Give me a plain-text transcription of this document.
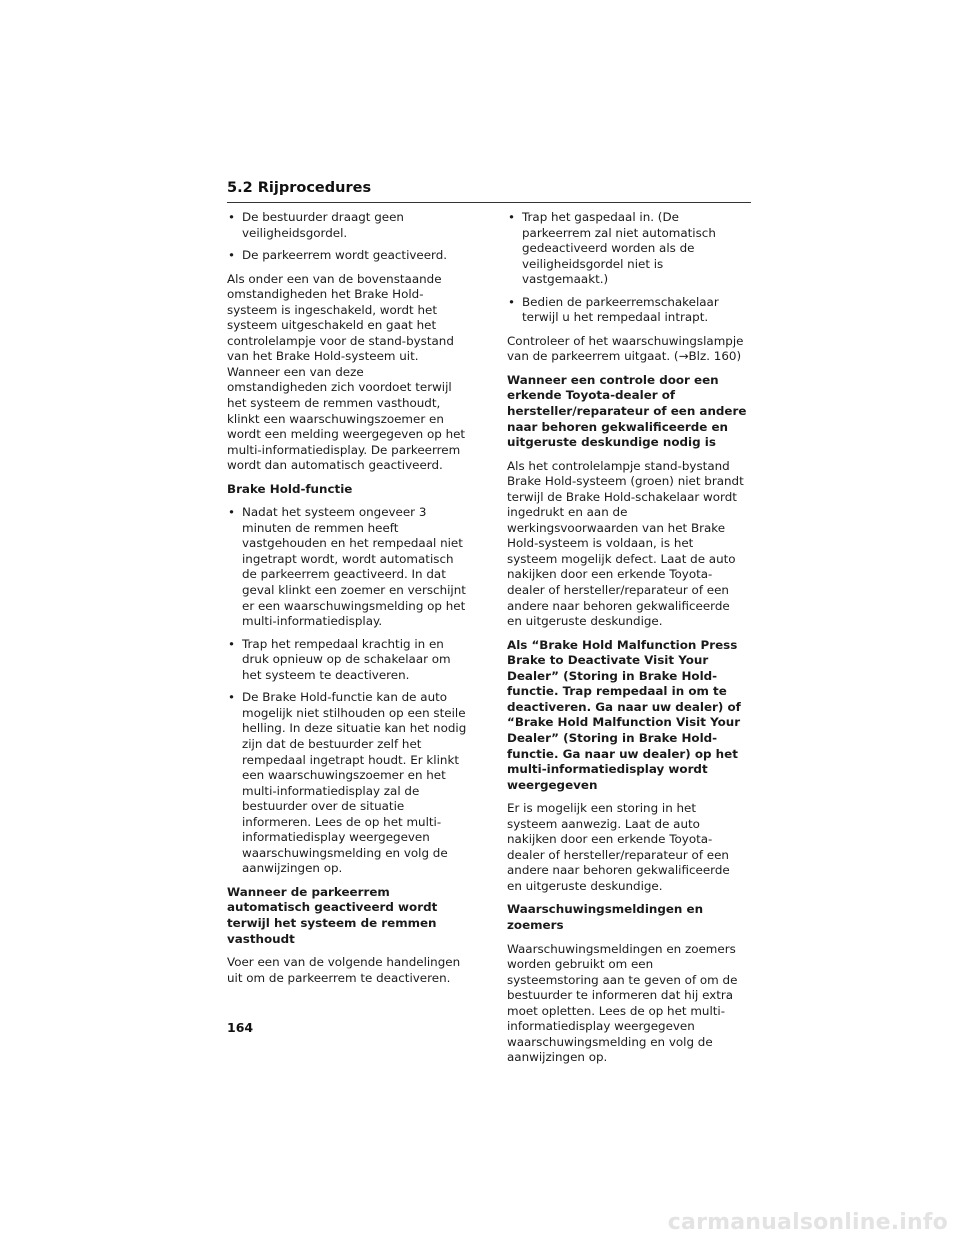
5.2 Rijprocedures
• De bestuurder draagt geen veiligheidsgordel.
• De parkeerrem wordt geactiveerd.

Als onder een van de bovenstaande omstandigheden het Brake Hold-systeem is ingeschakeld, wordt het systeem uitgeschakeld en gaat het controlelampje voor de stand-bystand van het Brake Hold-systeem uit. Wanneer een van deze omstandigheden zich voordoet terwijl het systeem de remmen vasthoudt, klinkt een waarschuwingszoemer en wordt een melding weergegeven op het multi-informatiedisplay. De parkeerrem wordt dan automatisch geactiveerd.

Brake Hold-functie

• Nadat het systeem ongeveer 3 minuten de remmen heeft vastgehouden en het rempedaal niet ingetrapt wordt, wordt automatisch de parkeerrem geactiveerd. In dat geval klinkt een zoemer en verschijnt er een waarschuwingsmelding op het multi-informatiedisplay.
• Trap het rempedaal krachtig in en druk opnieuw op de schakelaar om het systeem te deactiveren.
• De Brake Hold-functie kan de auto mogelijk niet stilhouden op een steile helling. In deze situatie kan het nodig zijn dat de bestuurder zelf het rempedaal ingetrapt houdt. Er klinkt een waarschuwingszoemer en het multi-informatiedisplay zal de bestuurder over de situatie informeren. Lees de op het multi-informatiedisplay weergegeven waarschuwingsmelding en volg de aanwijzingen op.

Wanneer de parkeerrem automatisch geactiveerd wordt terwijl het systeem de remmen vasthoudt

Voer een van de volgende handelingen uit om de parkeerrem te deactiveren.

• Trap het gaspedaal in. (De parkeerrem zal niet automatisch gedeactiveerd worden als de veiligheidsgordel niet is vastgemaakt.)
• Bedien de parkeerremschakelaar terwijl u het rempedaal intrapt.

Controleer of het waarschuwingslampje van de parkeerrem uitgaat. (→Blz. 160)

Wanneer een controle door een erkende Toyota-dealer of hersteller/reparateur of een andere naar behoren gekwalificeerde en uitgeruste deskundige nodig is

Als het controlelampje stand-bystand Brake Hold-systeem (groen) niet brandt terwijl de Brake Hold-schakelaar wordt ingedrukt en aan de werkingsvoorwaarden van het Brake Hold-systeem is voldaan, is het systeem mogelijk defect. Laat de auto nakijken door een erkende Toyota-dealer of hersteller/reparateur of een andere naar behoren gekwalificeerde en uitgeruste deskundige.

Als “Brake Hold Malfunction Press Brake to Deactivate Visit Your Dealer” (Storing in Brake Hold-functie. Trap rempedaal in om te deactiveren. Ga naar uw dealer) of “Brake Hold Malfunction Visit Your Dealer” (Storing in Brake Hold-functie. Ga naar uw dealer) op het multi-informatiedisplay wordt weergegeven

Er is mogelijk een storing in het systeem aanwezig. Laat de auto nakijken door een erkende Toyota-dealer of hersteller/reparateur of een andere naar behoren gekwalificeerde en uitgeruste deskundige.

Waarschuwingsmeldingen en zoemers

Waarschuwingsmeldingen en zoemers worden gebruikt om een systeemstoring aan te geven of om de bestuurder te informeren dat hij extra moet opletten. Lees de op het multi-informatiedisplay weergegeven waarschuwingsmelding en volg de aanwijzingen op.

164
carmanualsonline.info
